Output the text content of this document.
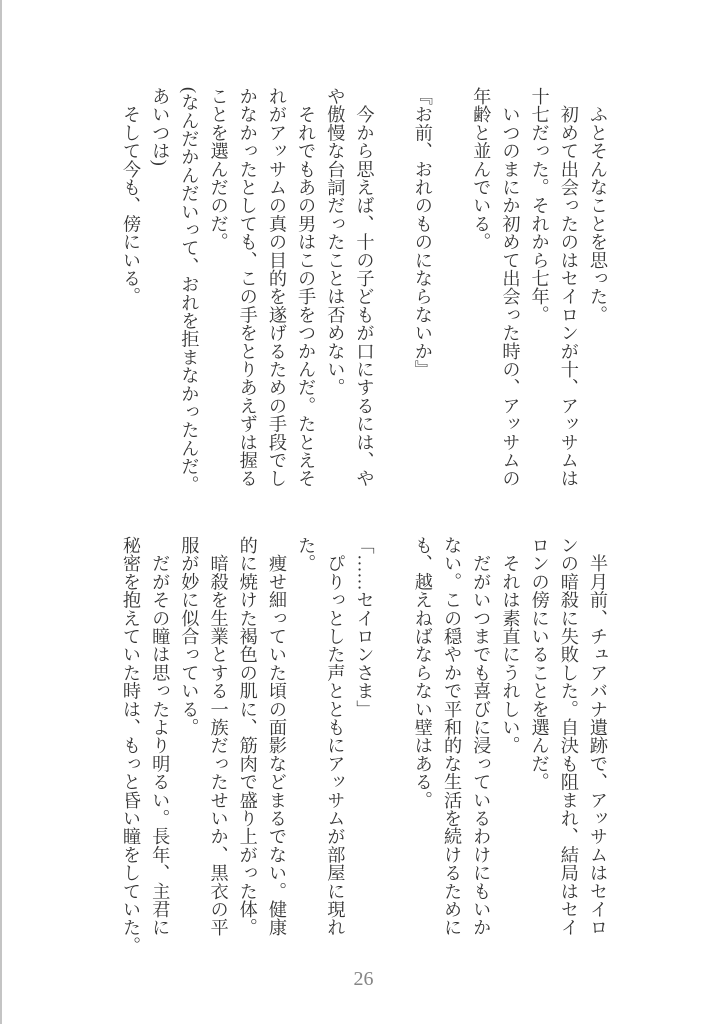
　ふとそんなことを思った。
　初めて出会ったのはセイロンが十、アッサムは
十七だった。それから七年。
　いつのまにか初めて出会った時の、アッサムの
年齢と並んでいる。
『お前、おれのものにならないか』
　今から思えば、十の子どもが口にするには、や
や傲慢な台詞だったことは否めない。
　それでもあの男はこの手をつかんだ。たとえそ
れがアッサムの真の目的を遂げるための手段でし
かなかったとしても、この手をとりあえずは握る
ことを選んだのだ。
(なんだかんだいって、おれを拒まなかったんだ。
あいつは)
　そして今も、傍にいる。
　半月前、チュアバナ遺跡で、アッサムはセイロ
ンの暗殺に失敗した。自決も阻まれ、結局はセイ
ロンの傍にいることを選んだ。
　それは素直にうれしい。
　だがいつまでも喜びに浸っているわけにもいか
ない。この穏やかで平和的な生活を続けるために
も、越えねばならない壁はある。
「……セイロンさま」
　ぴりっとした声とともにアッサムが部屋に現れ
た。
　痩せ細っていた頃の面影などまるでない。健康
的に焼けた褐色の肌に、筋肉で盛り上がった体。
　暗殺を生業とする一族だったせいか、黒衣の平
服が妙に似合っている。
　だがその瞳は思ったより明るい。長年、主君に
秘密を抱えていた時は、もっと昏い瞳をしていた。
26
